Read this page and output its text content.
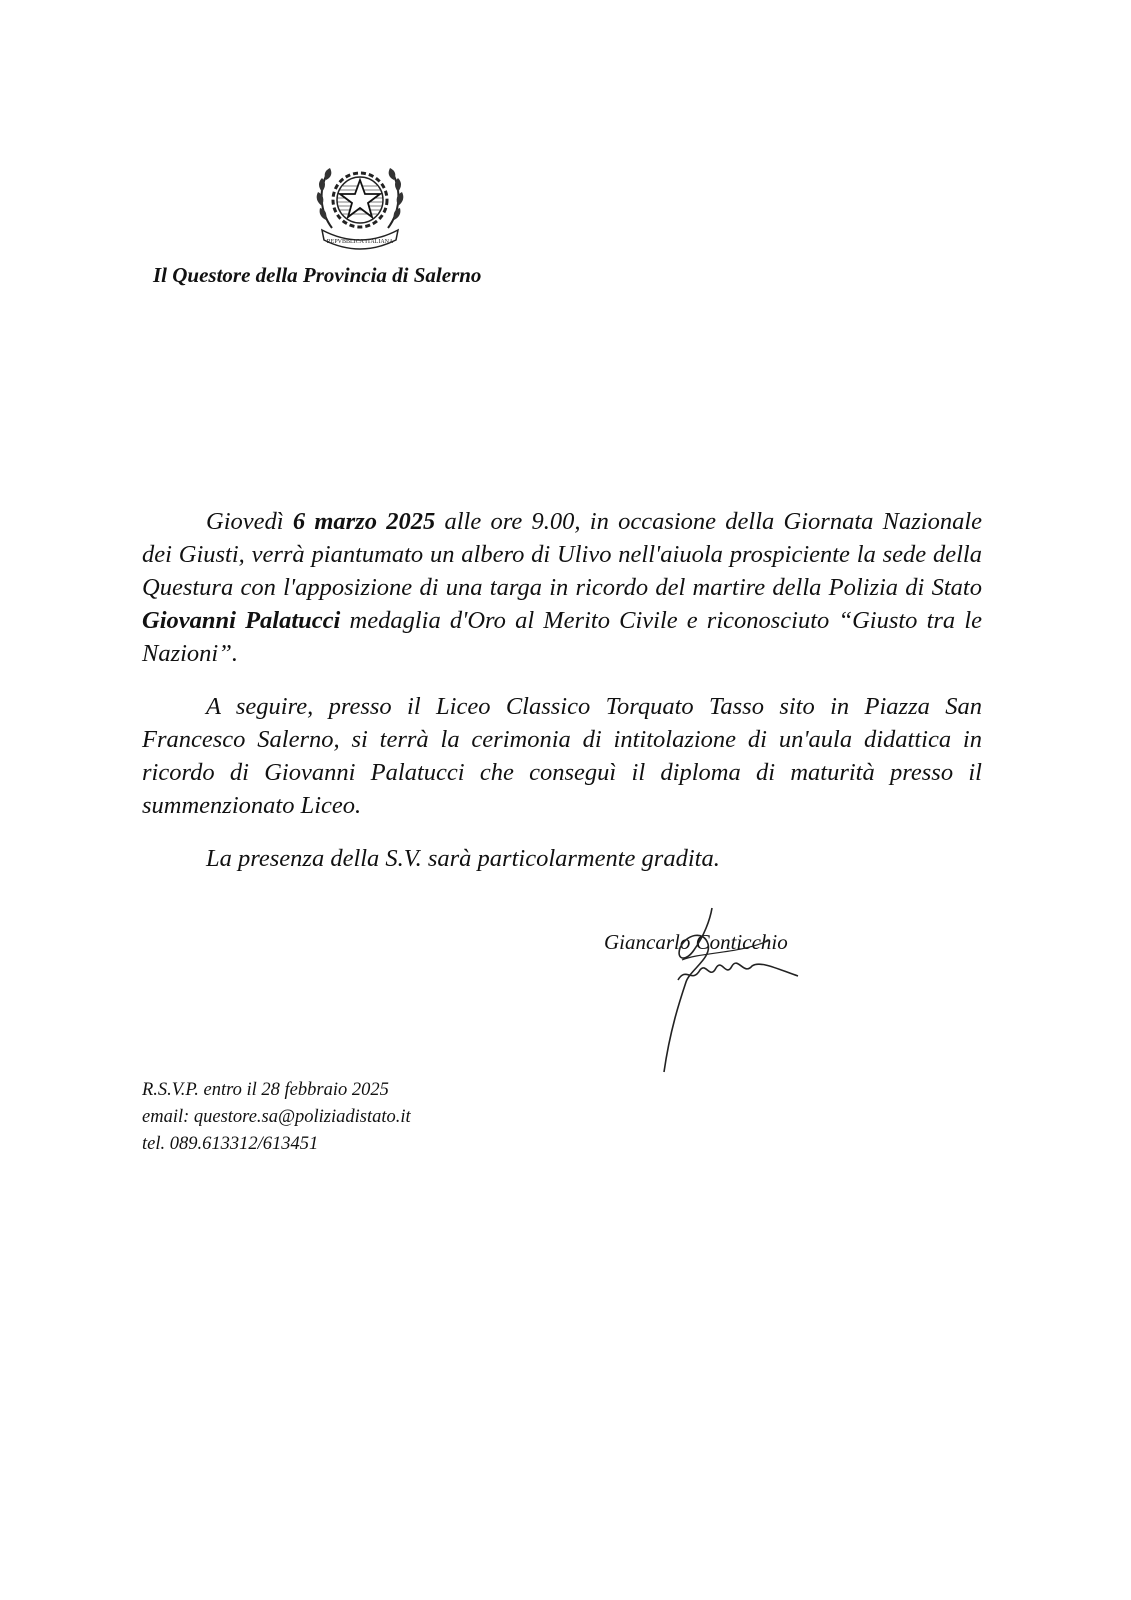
REPVBBLICA ITALIANA
Il Questore della Provincia di Salerno

Giovedì 6 marzo 2025 alle ore 9.00, in occasione della Giornata Nazionale dei Giusti, verrà piantumato un albero di Ulivo nell'aiuola prospiciente la sede della Questura con l'apposizione di una targa in ricordo del martire della Polizia di Stato Giovanni Palatucci medaglia d'Oro al Merito Civile e riconosciuto “Giusto tra le Nazioni”.

A seguire, presso il Liceo Classico Torquato Tasso sito in Piazza San Francesco Salerno, si terrà la cerimonia di intitolazione di un'aula didattica in ricordo di Giovanni Palatucci che conseguì il diploma di maturità presso il summenzionato Liceo.

La presenza della S.V. sarà particolarmente gradita.

Giancarlo Conticchio
R.S.V.P. entro il 28 febbraio 2025
email: questore.sa@poliziadistato.it
tel. 089.613312/613451
